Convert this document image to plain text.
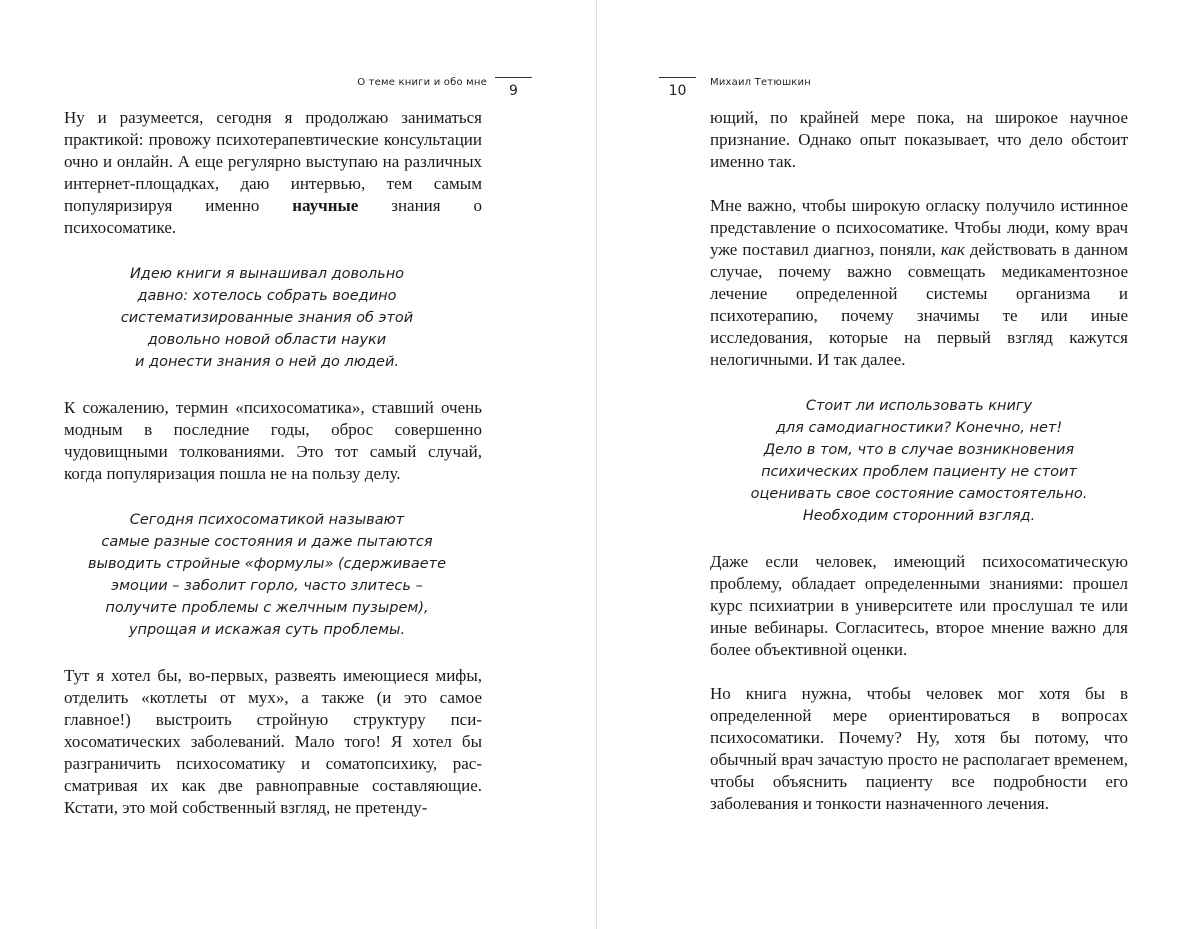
О теме книги и обо мне
9

Ну и разумеется, сегодня я продолжаю заниматься практикой: провожу психотерапевтические консультации очно и онлайн. А еще регулярно выступаю на различных интернет-площадках, даю интервью, тем самым популяризируя именно научные знания о психосоматике.

Идею книги я вынашивал довольно
давно: хотелось собрать воедино
систематизированные знания об этой
довольно новой области науки
и донести знания о ней до людей.

К сожалению, термин «психосоматика», ставший очень модным в последние годы, оброс совершенно чудовищными толкованиями. Это тот самый случай, когда популяризация пошла не на пользу делу.

Сегодня психосоматикой называют
самые разные состояния и даже пытаются
выводить стройные «формулы» (сдерживаете
эмоции – заболит горло, часто злитесь –
получите проблемы с желчным пузырем),
упрощая и искажая суть проблемы.

Тут я хотел бы, во-первых, развеять имеющиеся мифы, отделить «котлеты от мух», а также (и это самое главное!) выстроить стройную структуру психосоматических заболеваний. Мало того! Я хотел бы разграничить психосоматику и соматопсихику, рассматривая их как две равноправные составляющие. Кстати, это мой собственный взгляд, не претенду-

10
Михаил Тетюшкин

ющий, по крайней мере пока, на широкое научное признание. Однако опыт показывает, что дело обстоит именно так.

Мне важно, чтобы широкую огласку получило истинное представление о психосоматике. Чтобы люди, кому врач уже поставил диагноз, поняли, как действовать в данном случае, почему важно совмещать медикаментозное лечение определенной системы организма и психотерапию, почему значимы те или иные исследования, которые на первый взгляд кажутся нелогичными. И так далее.

Стоит ли использовать книгу
для самодиагностики? Конечно, нет!
Дело в том, что в случае возникновения
психических проблем пациенту не стоит
оценивать свое состояние самостоятельно.
Необходим сторонний взгляд.

Даже если человек, имеющий психосоматическую проблему, обладает определенными знаниями: прошел курс психиатрии в университете или прослушал те или иные вебинары. Согласитесь, второе мнение важно для более объективной оценки.

Но книга нужна, чтобы человек мог хотя бы в определенной мере ориентироваться в вопросах психосоматики. Почему? Ну, хотя бы потому, что обычный врач зачастую просто не располагает временем, чтобы объяснить пациенту все подробности его заболевания и тонкости назначенного лечения.
